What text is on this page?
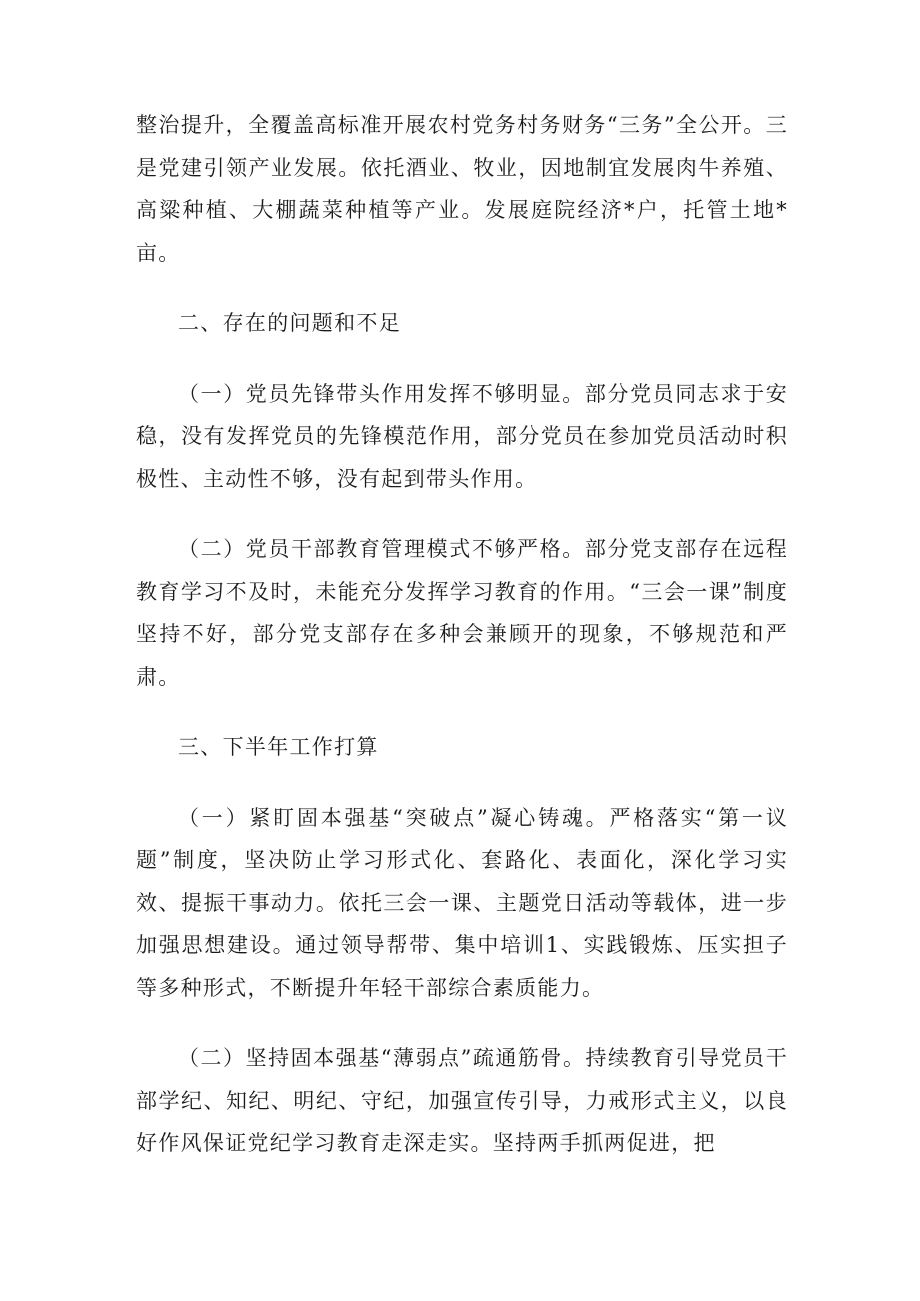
整治提升，全覆盖高标准开展农村党务村务财务“三务”全公开。三是党建引领产业发展。依托酒业、牧业，因地制宜发展肉牛养殖、高粱种植、大棚蔬菜种植等产业。发展庭院经济*户，托管土地*亩。

二、存在的问题和不足

（一）党员先锋带头作用发挥不够明显。部分党员同志求于安稳，没有发挥党员的先锋模范作用，部分党员在参加党员活动时积极性、主动性不够，没有起到带头作用。

（二）党员干部教育管理模式不够严格。部分党支部存在远程教育学习不及时，未能充分发挥学习教育的作用。“三会一课”制度坚持不好，部分党支部存在多种会兼顾开的现象，不够规范和严肃。

三、下半年工作打算

（一）紧盯固本强基“突破点”凝心铸魂。严格落实“第一议题”制度，坚决防止学习形式化、套路化、表面化，深化学习实效、提振干事动力。依托三会一课、主题党日活动等载体，进一步加强思想建设。通过领导帮带、集中培训1、实践锻炼、压实担子等多种形式，不断提升年轻干部综合素质能力。

（二）坚持固本强基“薄弱点”疏通筋骨。持续教育引导党员干部学纪、知纪、明纪、守纪，加强宣传引导，力戒形式主义，以良好作风保证党纪学习教育走深走实。坚持两手抓两促进，把
